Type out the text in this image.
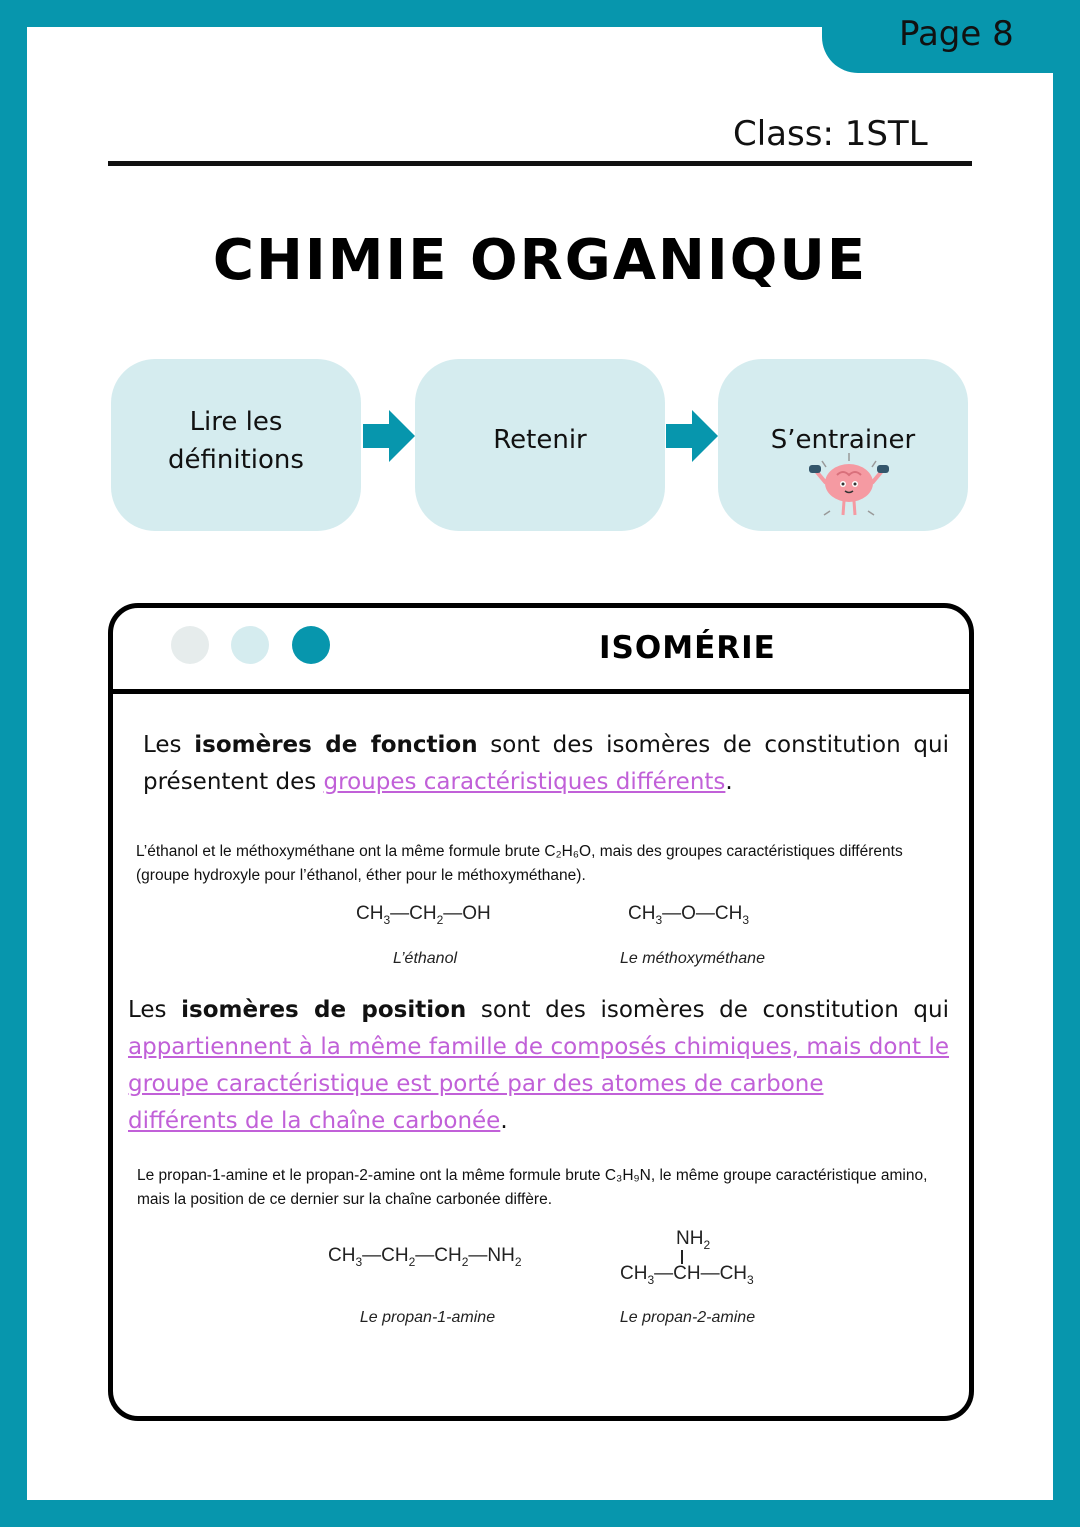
Page 8
Class: 1STL
CHIMIE ORGANIQUE
Lire les
définitions
Retenir	S’entrainer
ISOMÉRIE
Les isomères de fonction sont des isomères de constitution qui présentent des groupes caractéristiques différents.
L’éthanol et le méthoxyméthane ont la même formule brute C₂H₆O, mais des groupes caractéristiques différents (groupe hydroxyle pour l’éthanol, éther pour le méthoxyméthane).
$CH_3—CH_2—OH$	$CH_3—O—CH_3$
L’éthanol	Le méthoxyméthane
Les isomères de position sont des isomères de constitution qui appartiennent à la même famille de composés chimiques, mais dont le groupe caractéristique est porté par des atomes de carbone
différents de la chaîne carbonée.
Le propan-1-amine et le propan-2-amine ont la même formule brute C₃H₉N, le même groupe caractéristique amino, mais la position de ce dernier sur la chaîne carbonée diffère.
$CH_3—CH_2—CH_2—NH_2$
$NH_2$
$CH_3—CH—CH_3$
Le propan-1-amine	Le propan-2-amine
